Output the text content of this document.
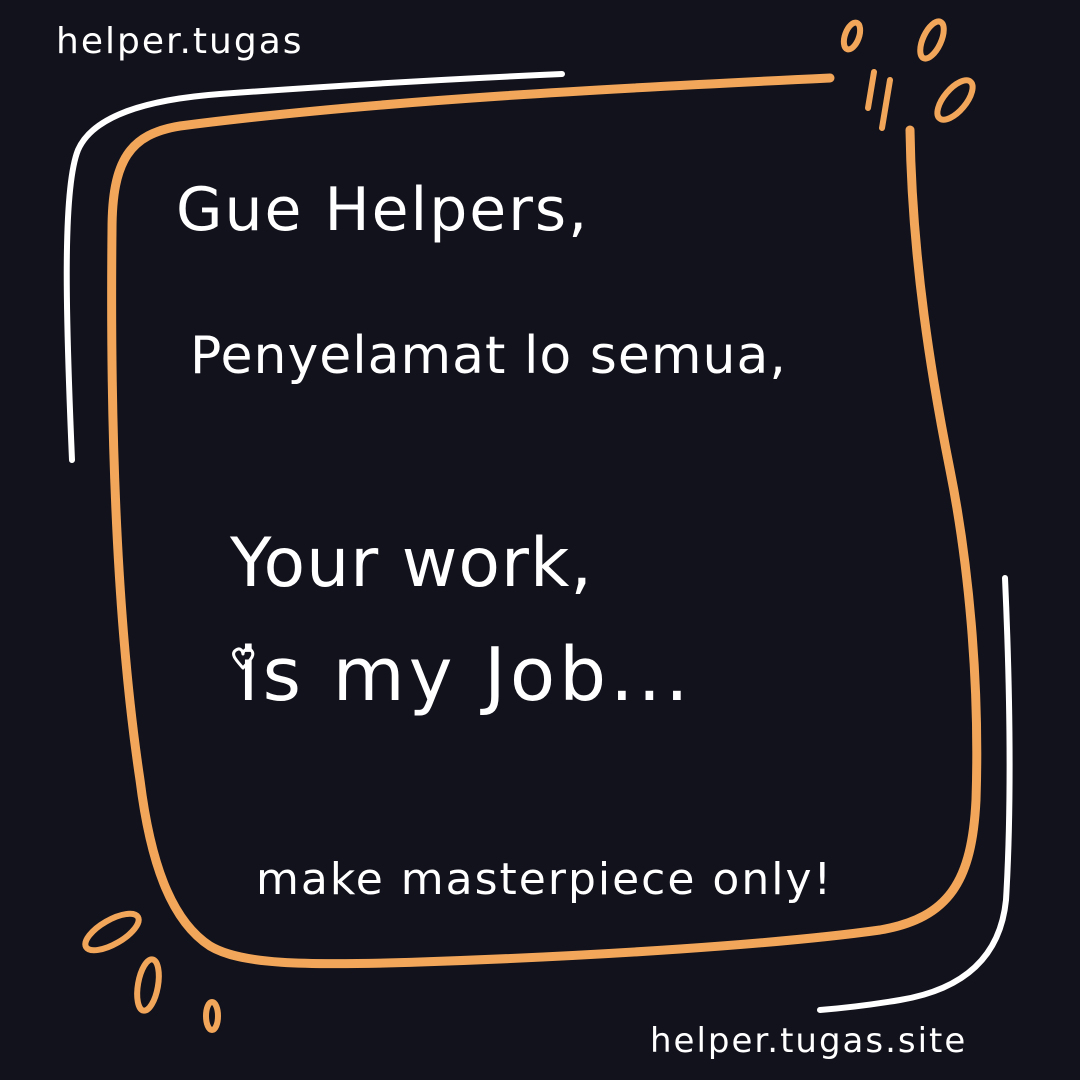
helper.tugas
Gue Helpers,
Penyelamat lo semua,
Your work,
is my Job...
make masterpiece only!
helper.tugas.site
